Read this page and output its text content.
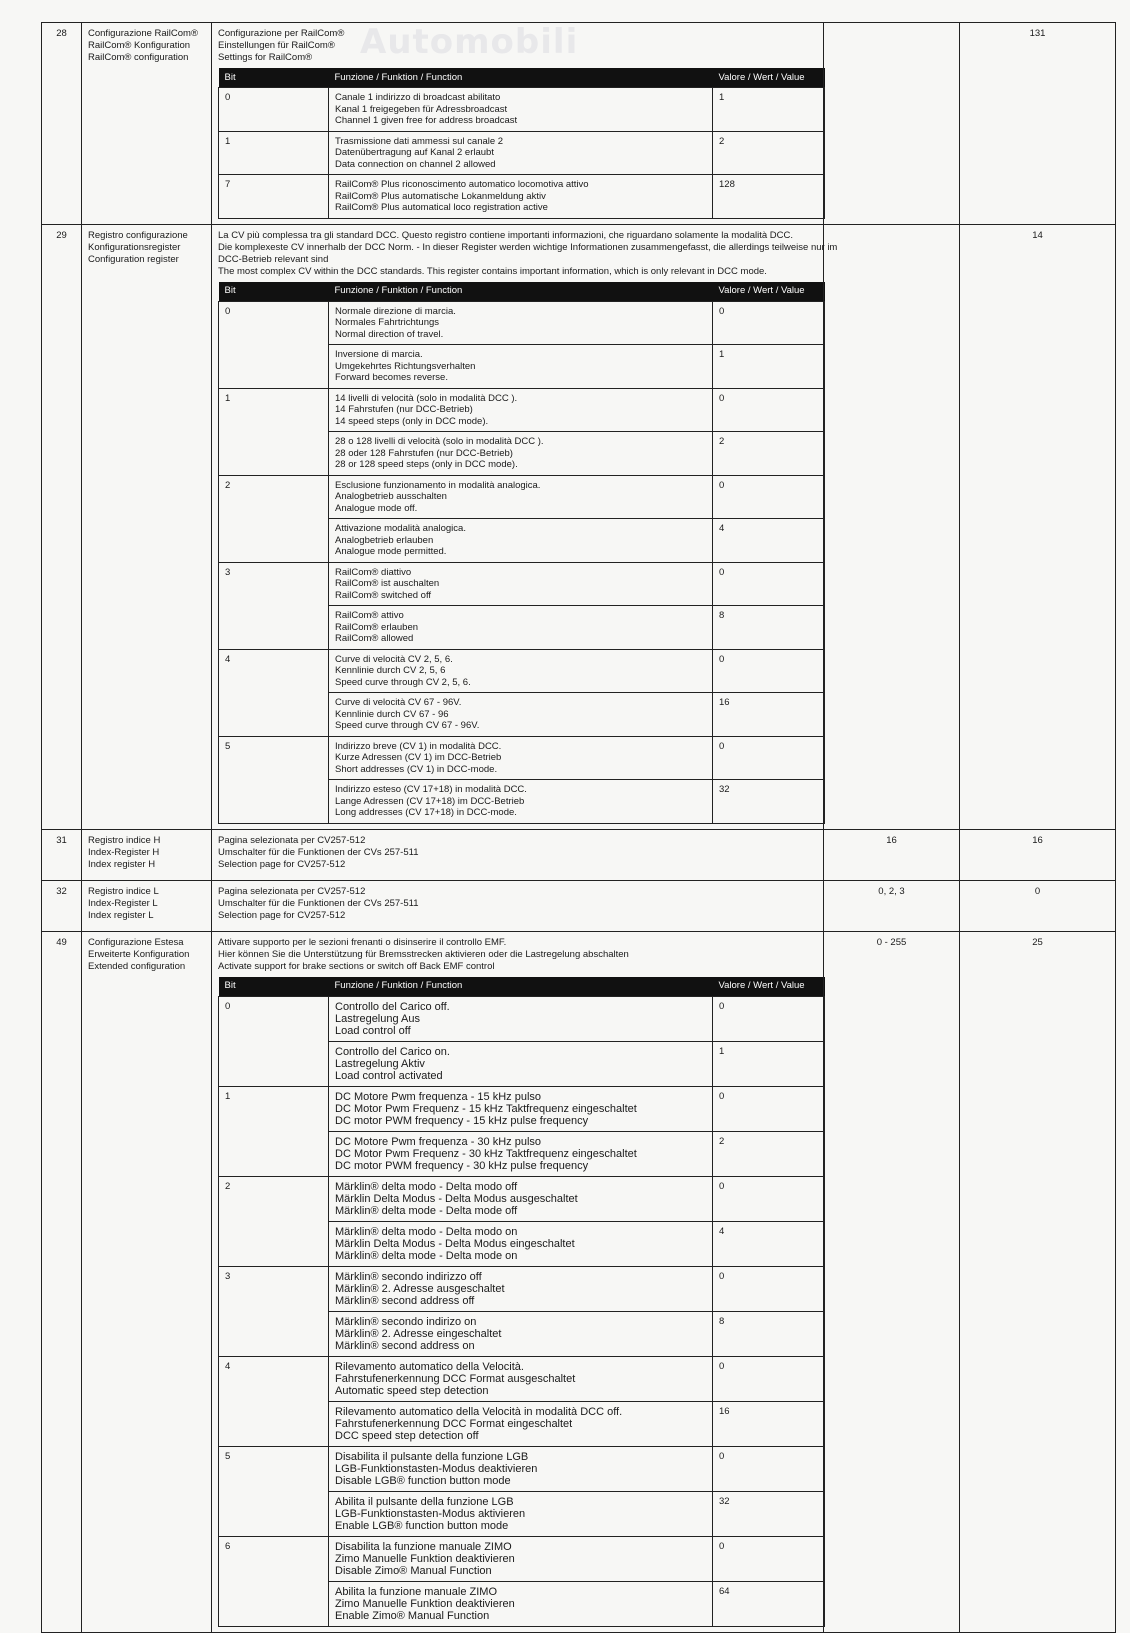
Automobili
28	Configurazione RailCom®
RailCom® Konfiguration
RailCom® configuration

Configurazione per RailCom®
Einstellungen für RailCom®
Settings for RailCom®
Bit	Funzione / Funktion / Function	Valore / Wert / Value
0	Canale 1 indirizzo di broadcast abilitato
Kanal 1 freigegeben für Adressbroadcast
Channel 1 given free for address broadcast
	1
1	Trasmissione dati ammessi sul canale 2
Datenübertragung auf Kanal 2 erlaubt
Data connection on channel 2 allowed
	2
7	RailCom® Plus riconoscimento automatico locomotiva attivo
RailCom® Plus automatische Lokanmeldung aktiv
RailCom® Plus automatical loco registration active
	128
		131
29	Registro configurazione
Konfigurationsregister
Configuration register

La CV più complessa tra gli standard DCC. Questo registro contiene importanti informazioni, che riguardano solamente la modalità DCC.
Die komplexeste CV innerhalb der DCC Norm. - In dieser Register werden wichtige Informationen zusammengefasst, die allerdings teilweise nur im
DCC-Betrieb relevant sind
The most complex CV within the DCC standards. This register contains important information, which is only relevant in DCC mode.
Bit	Funzione / Funktion / Function	Valore / Wert / Value
0	Normale direzione di marcia.
Normales Fahrtrichtungs
Normal direction of travel.
	0

Inversione di marcia.
Umgekehrtes Richtungsverhalten
Forward becomes reverse.
	1
1	14 livelli di velocità (solo in modalità DCC ).
14 Fahrstufen (nur DCC-Betrieb)
14 speed steps (only in DCC mode).
	0

28 o 128 livelli di velocità (solo in modalità DCC ).
28 oder 128 Fahrstufen (nur DCC-Betrieb)
28 or 128 speed steps (only in DCC mode).
	2
2	Esclusione funzionamento in modalità analogica.
Analogbetrieb ausschalten
Analogue mode off.
	0

Attivazione modalità analogica.
Analogbetrieb erlauben
Analogue mode permitted.
	4
3	RailCom® diattivo
RailCom® ist auschalten
RailCom® switched off
	0

RailCom® attivo
RailCom® erlauben
RailCom® allowed
	8
4	Curve di velocità CV 2, 5, 6.
Kennlinie durch CV 2, 5, 6
Speed curve through CV 2, 5, 6.
	0

Curve di velocità CV 67 - 96V.
Kennlinie durch CV 67 - 96
Speed curve through CV 67 - 96V.
	16
5	Indirizzo breve (CV 1) in modalità DCC.
Kurze Adressen (CV 1) im DCC-Betrieb
Short addresses (CV 1) in DCC-mode.
	0

Indirizzo esteso (CV 17+18) in modalità DCC.
Lange Adressen (CV 17+18) im DCC-Betrieb
Long addresses (CV 17+18) in DCC-mode.
	32
		14
31	Registro indice H
Index-Register H
Index register H

Pagina selezionata per CV257-512
Umschalter für die Funktionen der CVs 257-511
Selection page for CV257-512
	16	16
32	Registro indice L
Index-Register L
Index register L

Pagina selezionata per CV257-512
Umschalter für die Funktionen der CVs 257-511
Selection page for CV257-512
	0, 2, 3	0
49	Configurazione Estesa
Erweiterte Konfiguration
Extended configuration

Attivare supporto per le sezioni frenanti o disinserire il controllo EMF.
Hier können Sie die Unterstützung für Bremsstrecken aktivieren oder die Lastregelung abschalten
Activate support for brake sections or switch off Back EMF control
Bit	Funzione / Funktion / Function	Valore / Wert / Value
0	Controllo del Carico off.
Lastregelung Aus
Load control off
	0

Controllo del Carico on.
Lastregelung Aktiv
Load control activated
	1
1	DC Motore Pwm frequenza - 15 kHz pulso
DC Motor Pwm Frequenz - 15 kHz Taktfrequenz eingeschaltet
DC motor PWM frequency - 15 kHz pulse frequency
	0

DC Motore Pwm frequenza - 30 kHz pulso
DC Motor Pwm Frequenz - 30 kHz Taktfrequenz eingeschaltet
DC motor PWM frequency - 30 kHz pulse frequency
	2
2	Märklin® delta modo - Delta modo off
Märklin Delta Modus - Delta Modus ausgeschaltet
Märklin® delta mode - Delta mode off
	0

Märklin® delta modo - Delta modo on
Märklin Delta Modus - Delta Modus eingeschaltet
Märklin® delta mode - Delta mode on
	4
3	Märklin® secondo indirizzo off
Märklin® 2. Adresse ausgeschaltet
Märklin® second address off
	0

Märklin® secondo indirizo on
Märklin® 2. Adresse eingeschaltet
Märklin® second address on
	8
4	Rilevamento automatico della Velocità.
Fahrstufenerkennung DCC Format ausgeschaltet
Automatic speed step detection
	0

Rilevamento automatico della Velocità in modalità DCC off.
Fahrstufenerkennung DCC Format eingeschaltet
DCC speed step detection off
	16
5	Disabilita il pulsante della funzione LGB
LGB-Funktionstasten-Modus deaktivieren
Disable LGB® function button mode
	0

Abilita il pulsante della funzione LGB
LGB-Funktionstasten-Modus aktivieren
Enable LGB® function button mode
	32
6	Disabilita la funzione manuale ZIMO
Zimo Manuelle Funktion deaktivieren
Disable Zimo® Manual Function
	0

Abilita la funzione manuale ZIMO
Zimo Manuelle Funktion deaktivieren
Enable Zimo® Manual Function
	64
	0 - 255	25
